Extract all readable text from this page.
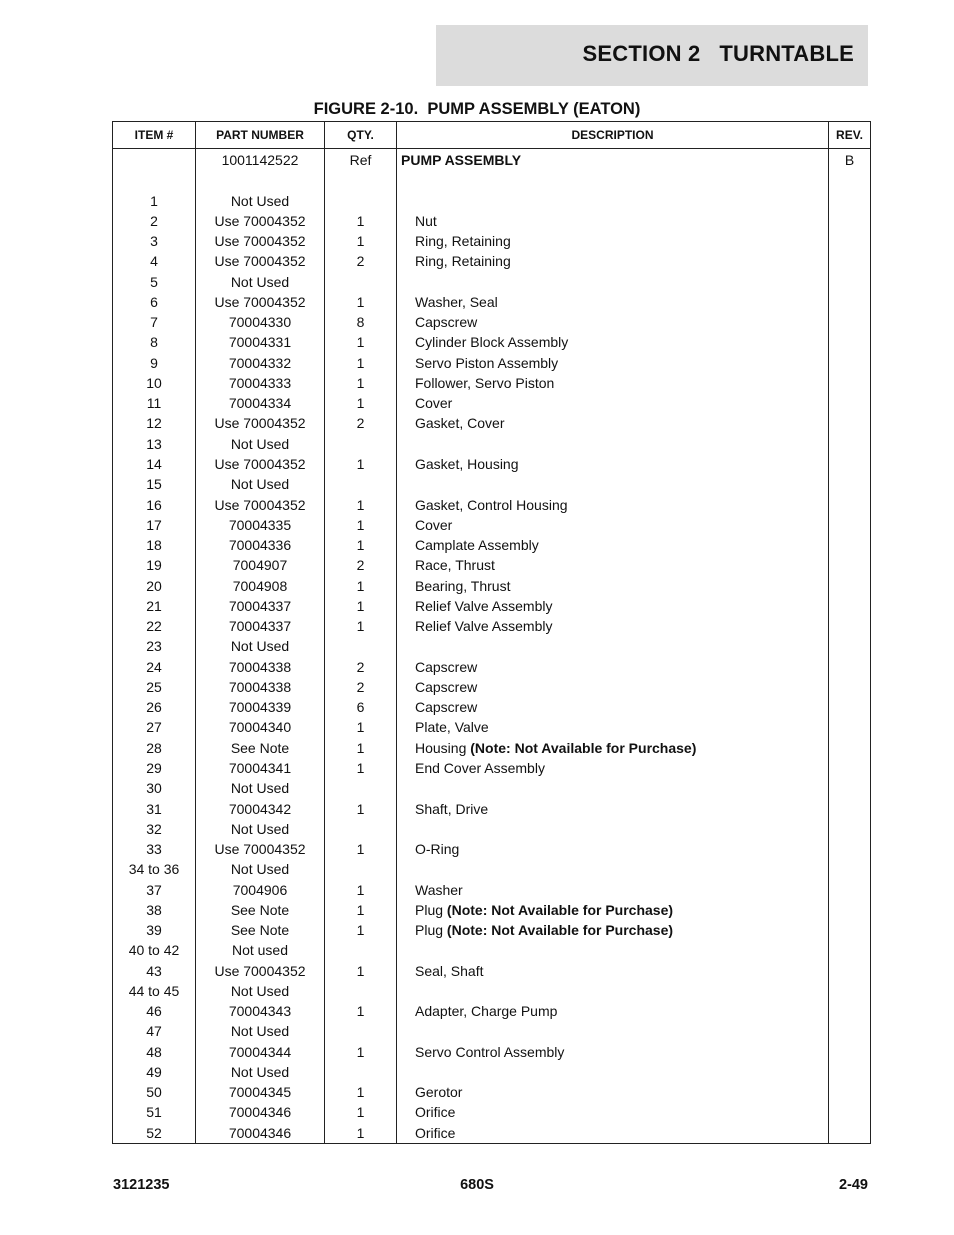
SECTION 2   TURNTABLE
FIGURE 2-10.  PUMP ASSEMBLY (EATON)
ITEM #	PART NUMBER	QTY.	DESCRIPTION	REV.
	1001142522	Ref	PUMP ASSEMBLY	B

1	Not Used			
2	Use 70004352	1	Nut	
3	Use 70004352	1	Ring, Retaining	
4	Use 70004352	2	Ring, Retaining	
5	Not Used			
6	Use 70004352	1	Washer, Seal	
7	70004330	8	Capscrew	
8	70004331	1	Cylinder Block Assembly	
9	70004332	1	Servo Piston Assembly	
10	70004333	1	Follower, Servo Piston	
11	70004334	1	Cover	
12	Use 70004352	2	Gasket, Cover	
13	Not Used			
14	Use 70004352	1	Gasket, Housing	
15	Not Used			
16	Use 70004352	1	Gasket, Control Housing	
17	70004335	1	Cover	
18	70004336	1	Camplate Assembly	
19	7004907	2	Race, Thrust	
20	7004908	1	Bearing, Thrust	
21	70004337	1	Relief Valve Assembly	
22	70004337	1	Relief Valve Assembly	
23	Not Used			
24	70004338	2	Capscrew	
25	70004338	2	Capscrew	
26	70004339	6	Capscrew	
27	70004340	1	Plate, Valve	
28	See Note	1	Housing (Note: Not Available for Purchase)	
29	70004341	1	End Cover Assembly	
30	Not Used			
31	70004342	1	Shaft, Drive	
32	Not Used			
33	Use 70004352	1	O-Ring	
34 to 36	Not Used			
37	7004906	1	Washer	
38	See Note	1	Plug (Note: Not Available for Purchase)	
39	See Note	1	Plug (Note: Not Available for Purchase)	
40 to 42	Not used			
43	Use 70004352	1	Seal, Shaft	
44 to 45	Not Used			
46	70004343	1	Adapter, Charge Pump	
47	Not Used			
48	70004344	1	Servo Control Assembly	
49	Not Used			
50	70004345	1	Gerotor	
51	70004346	1	Orifice	
52	70004346	1	Orifice	
3121235	680S	2-49
